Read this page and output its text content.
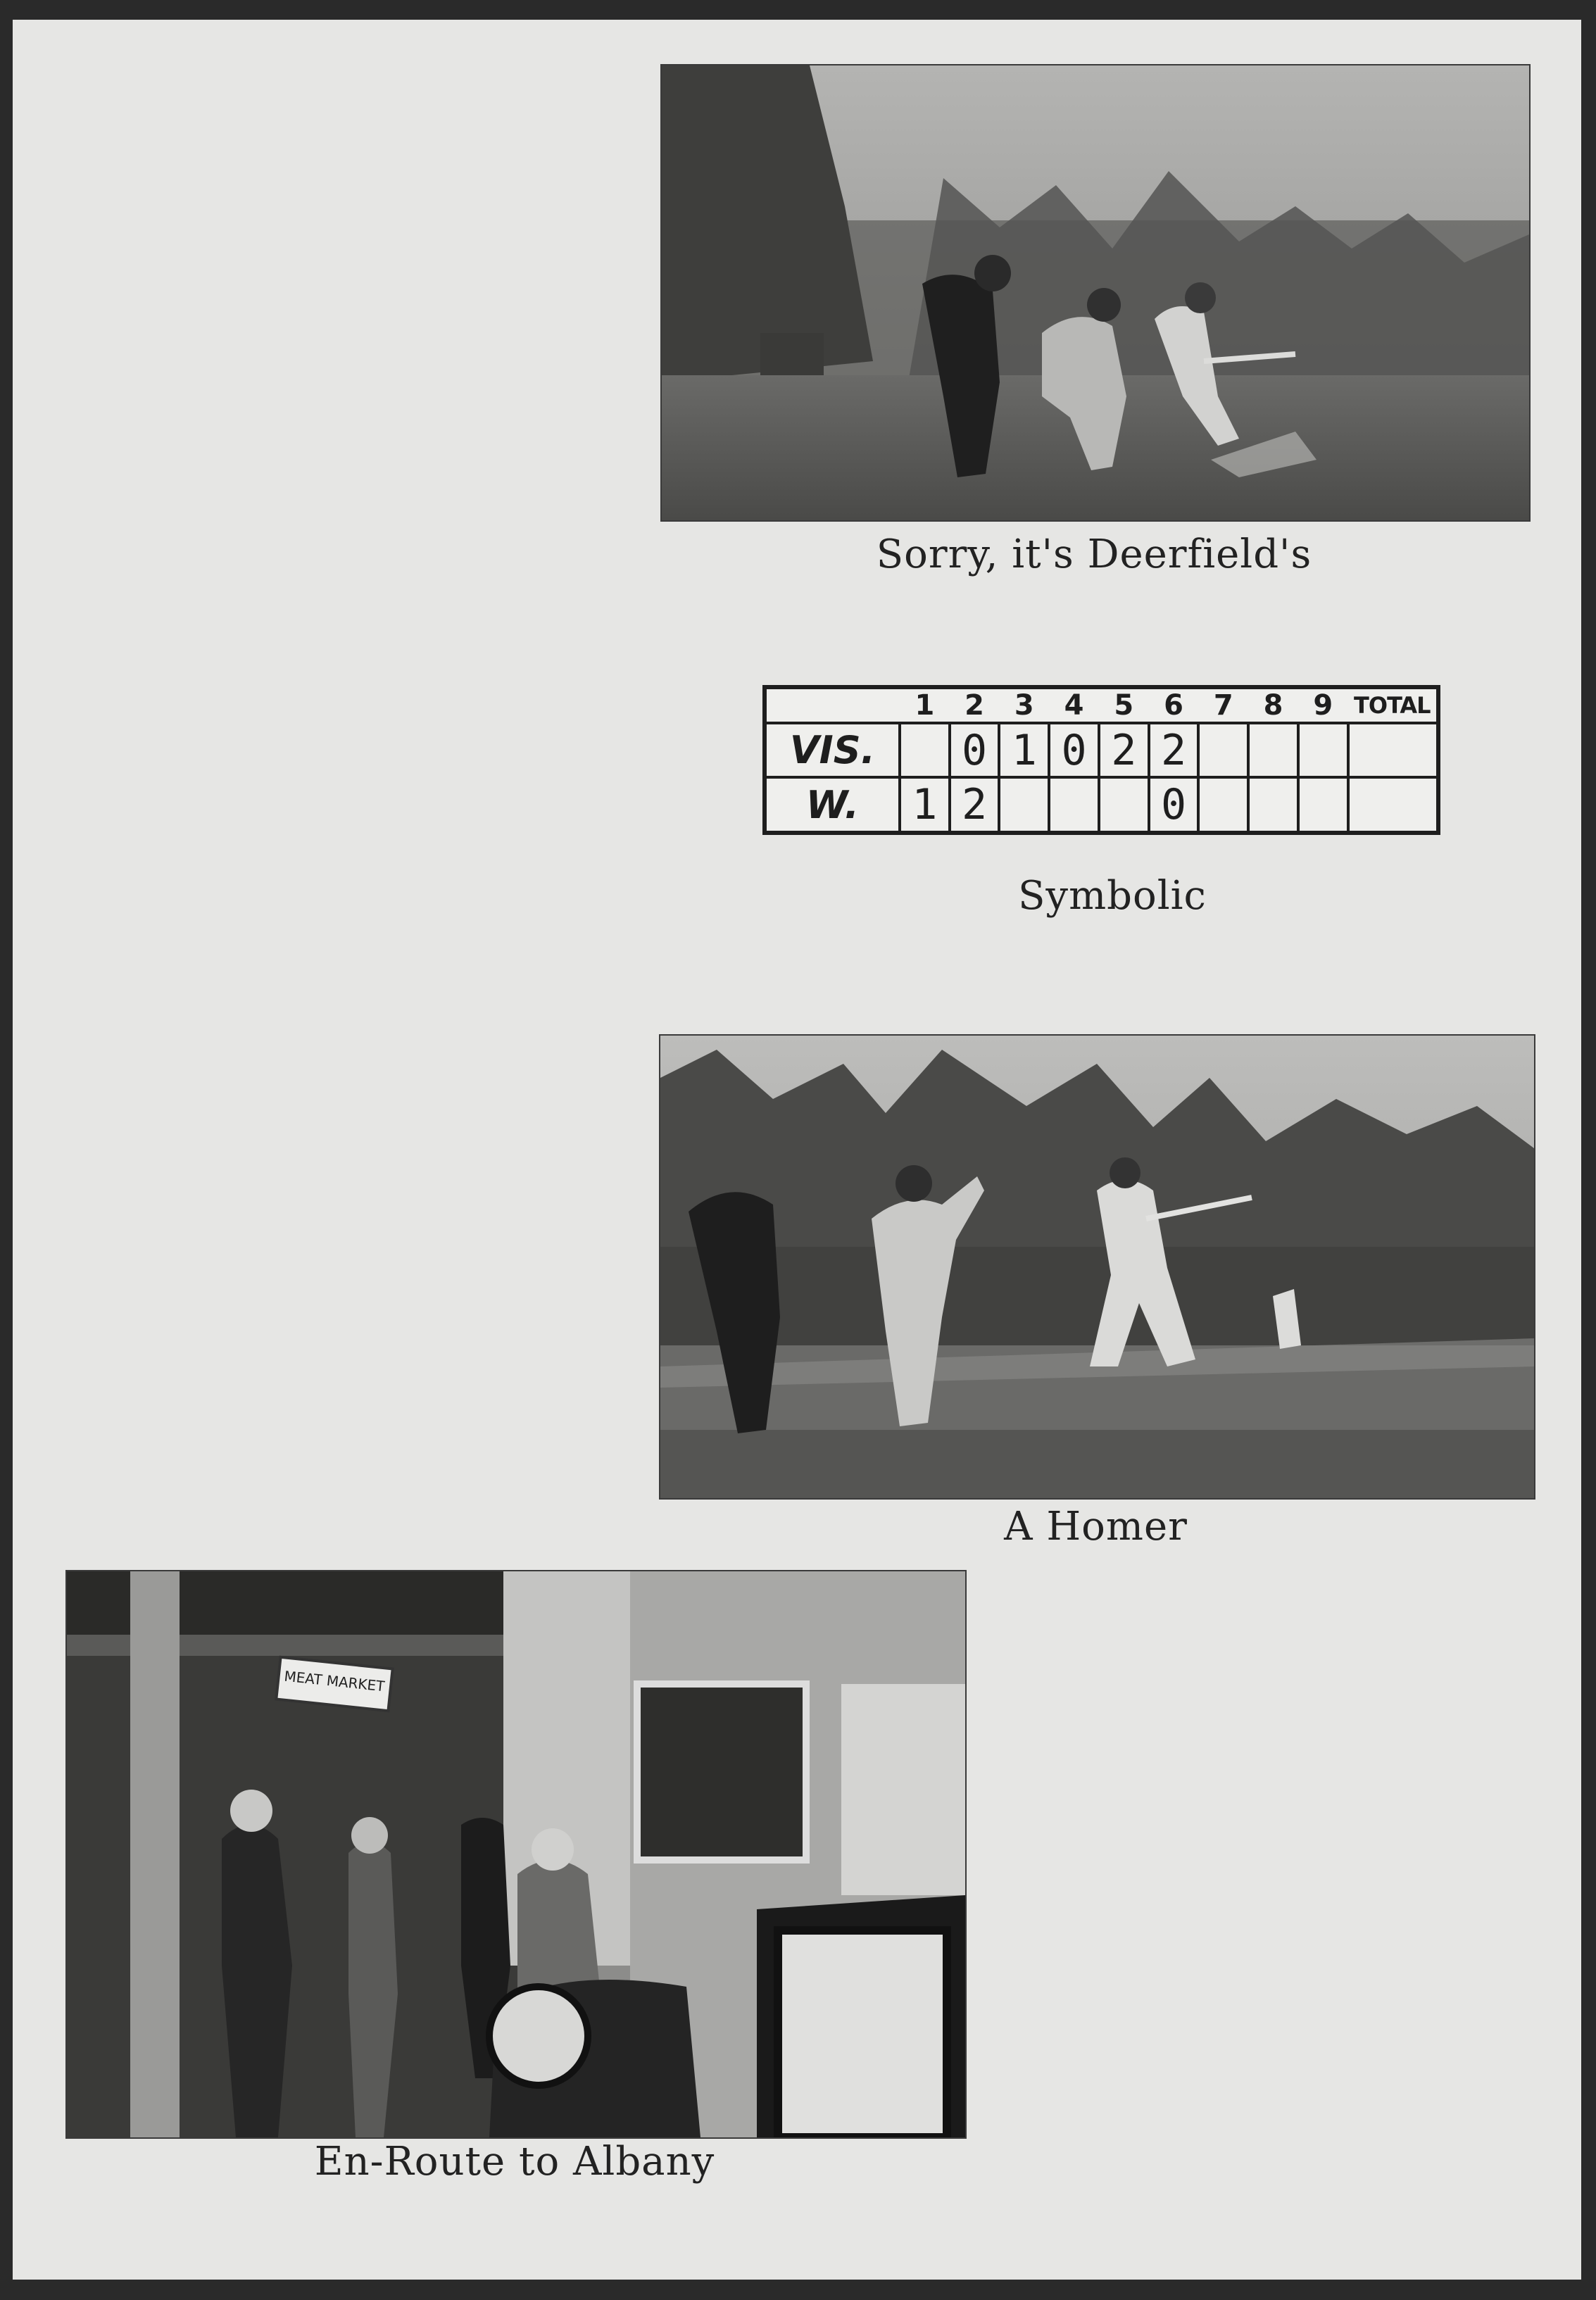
Sorry, it's Deerfield's
	1	2	3	4	5	6	7	8	9	TOTAL
VIS.		0	1	0	2	2				
W.	1	2				0				
Symbolic
A Homer
MEAT MARKET
En-Route to Albany
